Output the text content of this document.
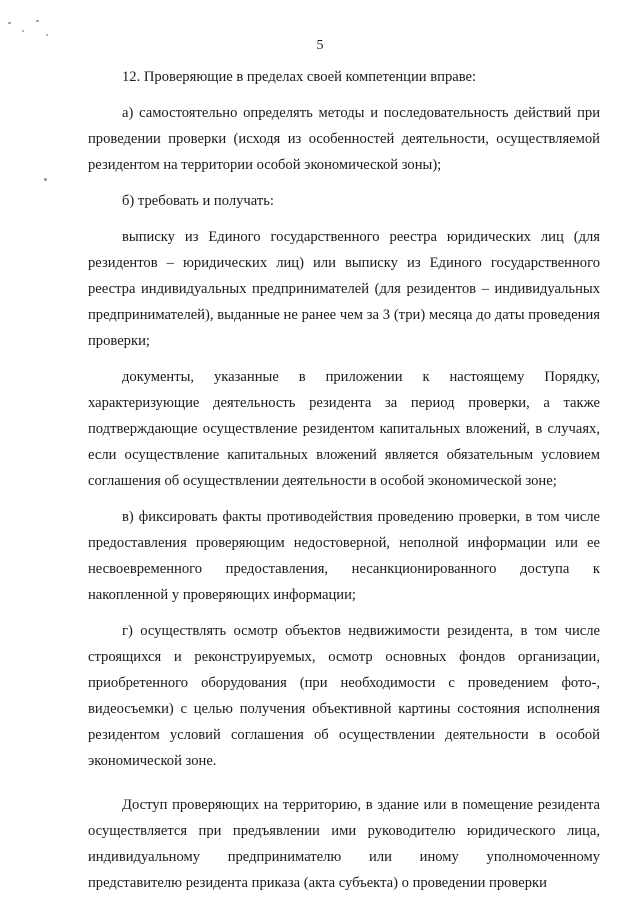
5

12. Проверяющие в пределах своей компетенции вправе:

а) самостоятельно определять методы и последовательность действий при проведении проверки (исходя из особенностей деятельности, осуществляемой резидентом на территории особой экономической зоны);

б) требовать и получать:

выписку из Единого государственного реестра юридических лиц (для резидентов – юридических лиц) или выписку из Единого государственного реестра индивидуальных предпринимателей (для резидентов – индивидуальных предпринимателей), выданные не ранее чем за 3 (три) месяца до даты проведения проверки;

документы, указанные в приложении к настоящему Порядку, характеризующие деятельность резидента за период проверки, а также подтверждающие осуществление резидентом капитальных вложений, в случаях, если осуществление капитальных вложений является обязательным условием соглашения об осуществлении деятельности в особой экономической зоне;

в) фиксировать факты противодействия проведению проверки, в том числе предоставления проверяющим недостоверной, неполной информации или ее несвоевременного предоставления, несанкционированного доступа к накопленной у проверяющих информации;

г) осуществлять осмотр объектов недвижимости резидента, в том числе строящихся и реконструируемых, осмотр основных фондов организации, приобретенного оборудования (при необходимости с проведением фото-, видеосъемки) с целью получения объективной картины состояния исполнения резидентом условий соглашения об осуществлении деятельности в особой экономической зоне.

Доступ проверяющих на территорию, в здание или в помещение резидента осуществляется при предъявлении ими руководителю юридического лица, индивидуальному предпринимателю или иному уполномоченному представителю резидента приказа (акта субъекта) о проведении проверки
